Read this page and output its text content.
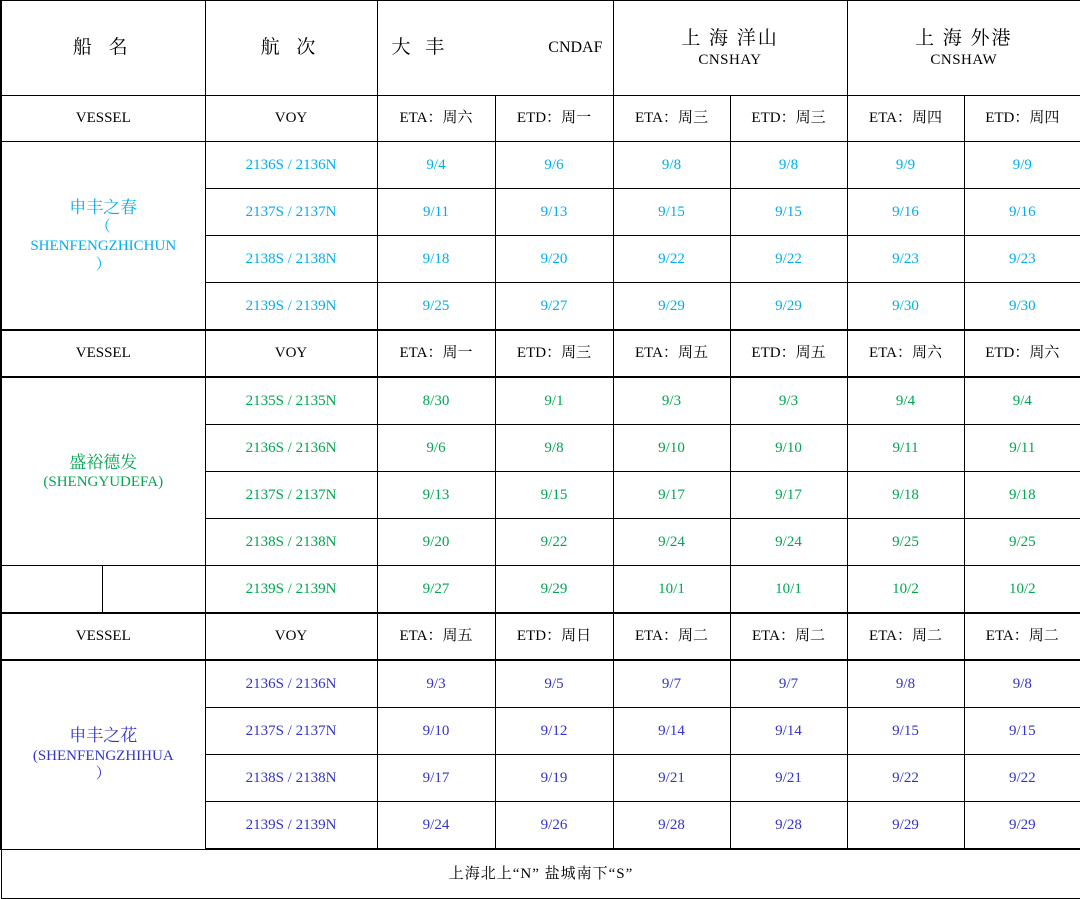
船 名	航 次	大 丰	CNDAF	上 海 洋山
CNSHAY

上 海 外港
CNSHAW

VESSEL	VOY	ETA：周六	ETD：周一	ETA：周三	ETD：周三	ETA：周四	ETD：周四

申丰之春
（
SHENFENGZHICHUN
）	2136S / 2136N	9/4	9/6	9/8	9/8	9/9	9/9
	2137S / 2137N	9/11	9/13	9/15	9/15	9/16	9/16
	2138S / 2138N	9/18	9/20	9/22	9/22	9/23	9/23
	2139S / 2139N	9/25	9/27	9/29	9/29	9/30	9/30
VESSEL	VOY	ETA：周一	ETD：周三	ETA：周五	ETD：周五	ETA：周六	ETD：周六

盛裕德发
(SHENGYUDEFA)	2135S / 2135N	8/30	9/1	9/3	9/3	9/4	9/4
	2136S / 2136N	9/6	9/8	9/10	9/10	9/11	9/11
	2137S / 2137N	9/13	9/15	9/17	9/17	9/18	9/18
	2138S / 2138N	9/20	9/22	9/24	9/24	9/25	9/25

	2139S / 2139N	9/27	9/29	10/1	10/1	10/2	10/2
VESSEL	VOY	ETA：周五	ETD：周日	ETA：周二	ETA：周二	ETA：周二	ETA：周二

申丰之花
(SHENFENGZHIHUA
）	2136S / 2136N	9/3	9/5	9/7	9/7	9/8	9/8
	2137S / 2137N	9/10	9/12	9/14	9/14	9/15	9/15
	2138S / 2138N	9/17	9/19	9/21	9/21	9/22	9/22
	2139S / 2139N	9/24	9/26	9/28	9/28	9/29	9/29
上海北上“N” 盐城南下“S”							
